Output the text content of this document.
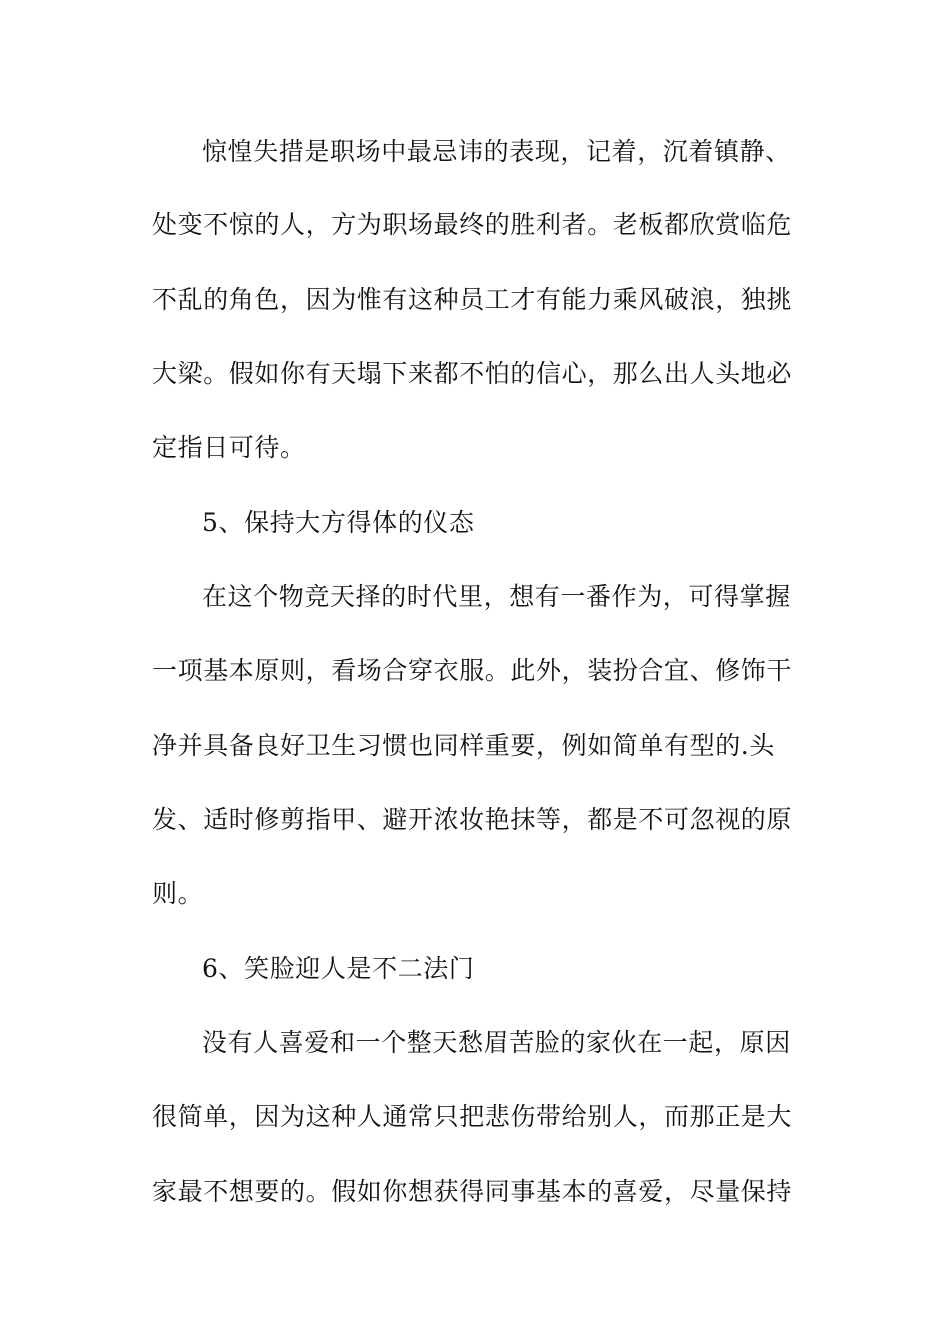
惊惶失措是职场中最忌讳的表现，记着，沉着镇静、
处变不惊的人，方为职场最终的胜利者。老板都欣赏临危
不乱的角色，因为惟有这种员工才有能力乘风破浪，独挑
大梁。假如你有天塌下来都不怕的信心，那么出人头地必
定指日可待。
5、保持大方得体的仪态
在这个物竞天择的时代里，想有一番作为，可得掌握
一项基本原则，看场合穿衣服。此外，装扮合宜、修饰干
净并具备良好卫生习惯也同样重要，例如简单有型的.头
发、适时修剪指甲、避开浓妆艳抹等，都是不可忽视的原
则。
6、笑脸迎人是不二法门
没有人喜爱和一个整天愁眉苦脸的家伙在一起，原因
很简单，因为这种人通常只把悲伤带给别人，而那正是大
家最不想要的。假如你想获得同事基本的喜爱，尽量保持
